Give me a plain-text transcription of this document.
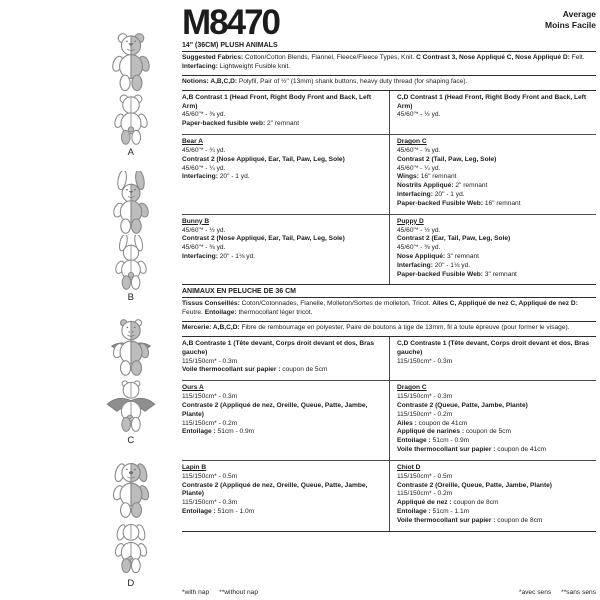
A
B
C
D
M8470	Average
Moins Facile
14" (36CM) PLUSH ANIMALS
Suggested Fabrics: Cotton/Cotton Blends, Flannel, Fleece/Fleece Types, Knit. C Contrast 3, Nose Appliqué C, Nose Appliqué D: Felt. Interfacing: Lightweight Fusible knit.
Notions: A,B,C,D: Polyfil, Pair of ½" (13mm) shank buttons, heavy duty thread (for shaping face).
A,B Contrast 1 (Head Front, Right Body Front and Back, Left Arm)
45/60"* - ⅜ yd.
Paper-backed fusible web: 2" remnant
C,D Contrast 1 (Head Front, Right Body Front and Back, Left Arm)
45/60"* - ½ yd.
Bear A
45/60"* - ¾ yd.
Contrast 2 (Nose Appliqué, Ear, Tail, Paw, Leg, Sole)
45/60"* - ¼ yd.
Interfacing: 20" - 1 yd.
Dragon C
45/60"* - ⅝ yd.
Contrast 2 (Tail, Paw, Leg, Sole)
45/60"* - ¼ yd.
Wings: 16" remnant
Nostrils Appliqué: 2" remnant
Interfacing: 20" - 1 yd.
Paper-backed Fusible Web: 16" remnant
Bunny B
45/60"* - ½ yd.
Contrast 2 (Nose Appliqué, Ear, Tail, Paw, Leg, Sole)
45/60"* - ⅜ yd.
Interfacing: 20" - 1⅛ yd.
Puppy D
45/60"* - ½ yd.
Contrast 2 (Ear, Tail, Paw, Leg, Sole)
45/60"* - ⅜ yd.
Nose Appliqué: 3" remnant
Interfacing: 20" - 1⅛ yd.
Paper-backed Fusible Web: 3" remnant
ANIMAUX EN PELUCHE DE 36 CM
Tissus Conseillés: Coton/Cotonnades, Flanelle, Molleton/Sortes de molleton, Tricot. Ailes C, Appliqué de nez C, Appliqué de nez D: Feutre. Entoilage: thermocollant léger tricot.
Mercerie: A,B,C,D: Fibre de rembourrage en polyester, Paire de boutons à tige de 13mm, fil à toute épreuve (pour former le visage).
A,B Contraste 1 (Tête devant, Corps droit devant et dos, Bras gauche)
115/150cm* - 0.3m
Voile thermocollant sur papier : coupon de 5cm
C,D Contraste 1 (Tête devant, Corps droit devant et dos, Bras gauche)
115/150cm* - 0.3m
Ours A
115/150cm* - 0.3m
Contraste 2 (Appliqué de nez, Oreille, Queue, Patte, Jambe, Plante)
115/150cm* - 0.2m
Entoilage : 51cm - 0.9m
Dragon C
115/150cm* - 0.3m
Contraste 2 (Queue, Patte, Jambe, Plante)
115/150cm* - 0.2m
Ailes : coupon de 41cm
Appliqué de narines : coupon de 5cm
Entoilage : 51cm - 0.9m
Voile thermocollant sur papier : coupon de 41cm
Lapin B
115/150cm* - 0.5m
Contraste 2 (Appliqué de nez, Oreille, Queue, Patte, Jambe, Plante)
115/150cm* - 0.3m
Entoilage : 51cm - 1.0m
Chiot D
115/150cm* - 0.5m
Contraste 2 (Oreille, Queue, Patte, Jambe, Plante)
115/150cm* - 0.2m
Appliqué de nez : coupon de 8cm
Entoilage : 51cm - 1.1m
Voile thermocollant sur papier : coupon de 8cm
*with nap **without nap	*avec sens **sans sens
